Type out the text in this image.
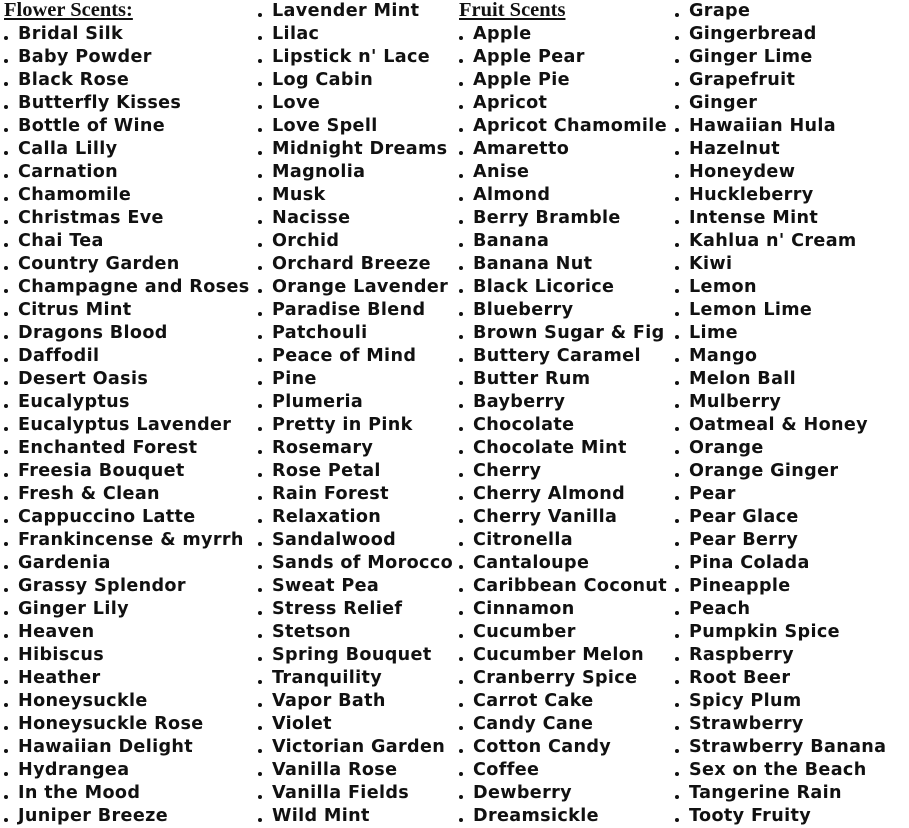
Flower Scents:
Bridal Silk
Baby Powder
Black Rose
Butterfly Kisses
Bottle of Wine
Calla Lilly
Carnation
Chamomile
Christmas Eve
Chai Tea
Country Garden
Champagne and Roses
Citrus Mint
Dragons Blood
Daffodil
Desert Oasis
Eucalyptus
Eucalyptus Lavender
Enchanted Forest
Freesia Bouquet
Fresh & Clean
Cappuccino Latte
Frankincense & myrrh
Gardenia
Grassy Splendor
Ginger Lily
Heaven
Hibiscus
Heather
Honeysuckle
Honeysuckle Rose
Hawaiian Delight
Hydrangea
In the Mood
Juniper Breeze
Lavender Mint
Lilac
Lipstick n' Lace
Log Cabin
Love
Love Spell
Midnight Dreams
Magnolia
Musk
Nacisse
Orchid
Orchard Breeze
Orange Lavender
Paradise Blend
Patchouli
Peace of Mind
Pine
Plumeria
Pretty in Pink
Rosemary
Rose Petal
Rain Forest
Relaxation
Sandalwood
Sands of Morocco
Sweat Pea
Stress Relief
Stetson
Spring Bouquet
Tranquility
Vapor Bath
Violet
Victorian Garden
Vanilla Rose
Vanilla Fields
Wild Mint
Fruit Scents
Apple
Apple Pear
Apple Pie
Apricot
Apricot Chamomile
Amaretto
Anise
Almond
Berry Bramble
Banana
Banana Nut
Black Licorice
Blueberry
Brown Sugar & Fig
Buttery Caramel
Butter Rum
Bayberry
Chocolate
Chocolate Mint
Cherry
Cherry Almond
Cherry Vanilla
Citronella
Cantaloupe
Caribbean Coconut
Cinnamon
Cucumber
Cucumber Melon
Cranberry Spice
Carrot Cake
Candy Cane
Cotton Candy
Coffee
Dewberry
Dreamsickle
Grape
Gingerbread
Ginger Lime
Grapefruit
Ginger
Hawaiian Hula
Hazelnut
Honeydew
Huckleberry
Intense Mint
Kahlua n' Cream
Kiwi
Lemon
Lemon Lime
Lime
Mango
Melon Ball
Mulberry
Oatmeal & Honey
Orange
Orange Ginger
Pear
Pear Glace
Pear Berry
Pina Colada
Pineapple
Peach
Pumpkin Spice
Raspberry
Root Beer
Spicy Plum
Strawberry
Strawberry Banana
Sex on the Beach
Tangerine Rain
Tooty Fruity
